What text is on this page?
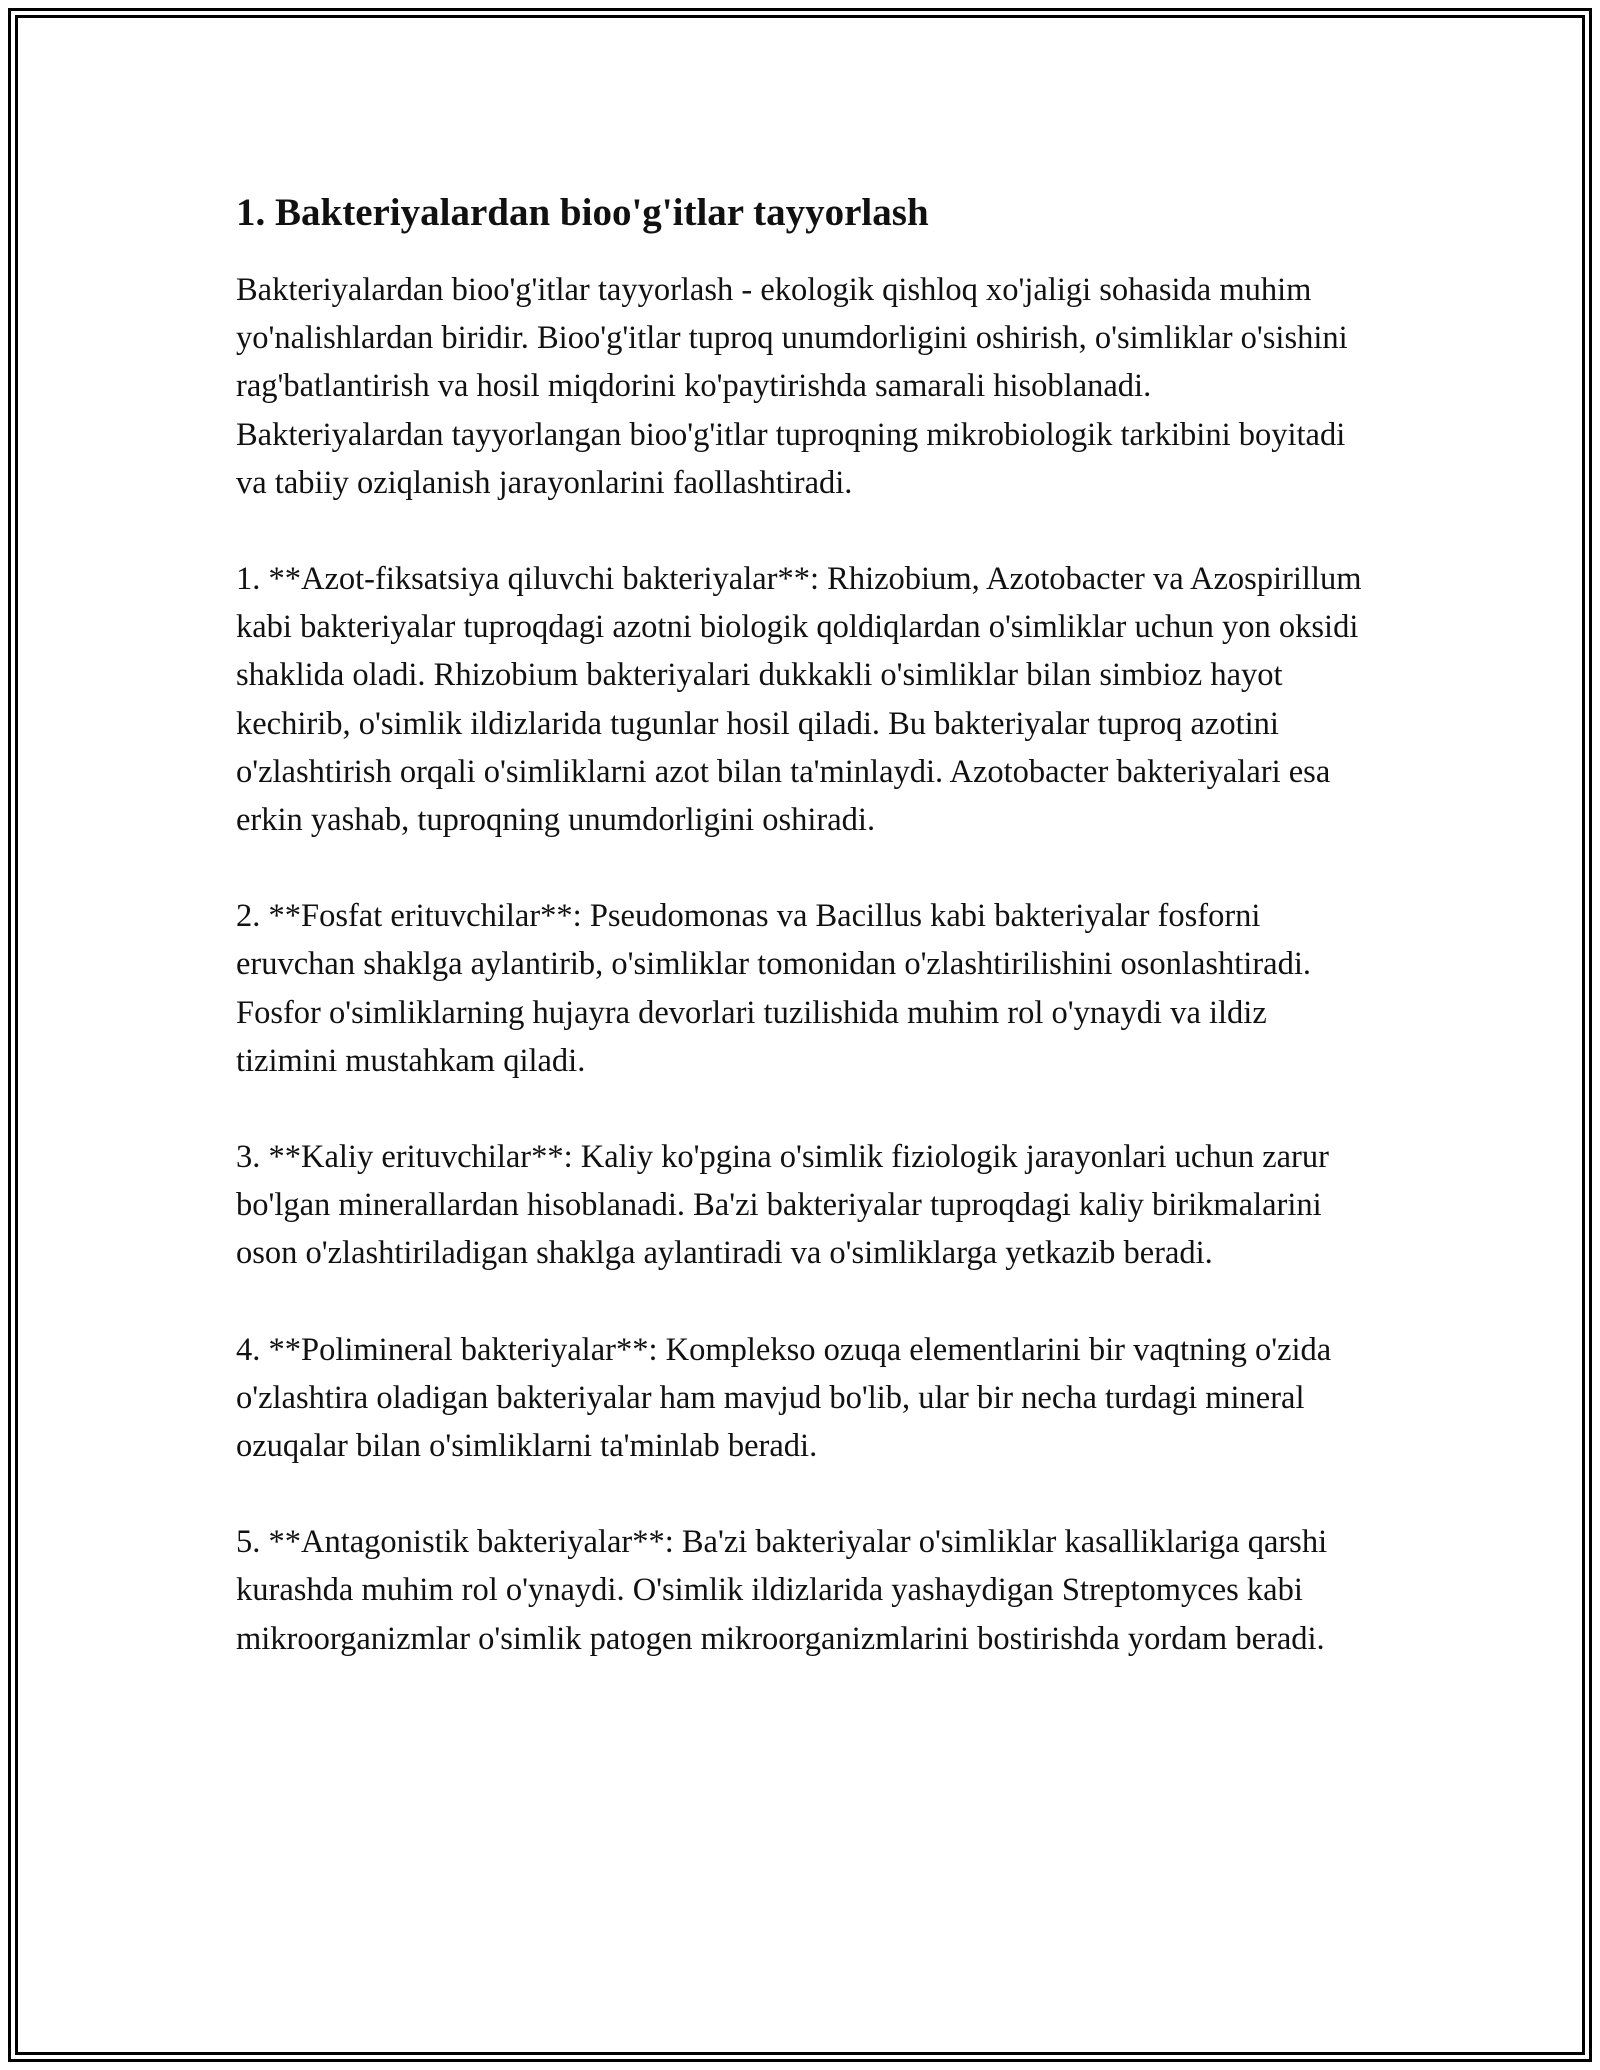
1. Bakteriyalardan bioo'g'itlar tayyorlash

Bakteriyalardan bioo'g'itlar tayyorlash - ekologik qishloq xo'jaligi sohasida muhim yo'nalishlardan biridir. Bioo'g'itlar tuproq unumdorligini oshirish, o'simliklar o'sishini rag'batlantirish va hosil miqdorini ko'paytirishda samarali hisoblanadi. Bakteriyalardan tayyorlangan bioo'g'itlar tuproqning mikrobiologik tarkibini boyitadi va tabiiy oziqlanish jarayonlarini faollashtiradi.

1. **Azot-fiksatsiya qiluvchi bakteriyalar**: Rhizobium, Azotobacter va Azospirillum kabi bakteriyalar tuproqdagi azotni biologik qoldiqlardan o'simliklar uchun yon oksidi shaklida oladi. Rhizobium bakteriyalari dukkakli o'simliklar bilan simbioz hayot kechirib, o'simlik ildizlarida tugunlar hosil qiladi. Bu bakteriyalar tuproq azotini o'zlashtirish orqali o'simliklarni azot bilan ta'minlaydi. Azotobacter bakteriyalari esa erkin yashab, tuproqning unumdorligini oshiradi.

2. **Fosfat erituvchilar**: Pseudomonas va Bacillus kabi bakteriyalar fosforni eruvchan shaklga aylantirib, o'simliklar tomonidan o'zlashtirilishini osonlashtiradi. Fosfor o'simliklarning hujayra devorlari tuzilishida muhim rol o'ynaydi va ildiz tizimini mustahkam qiladi.

3. **Kaliy erituvchilar**: Kaliy ko'pgina o'simlik fiziologik jarayonlari uchun zarur bo'lgan minerallardan hisoblanadi. Ba'zi bakteriyalar tuproqdagi kaliy birikmalarini oson o'zlashtiriladigan shaklga aylantiradi va o'simliklarga yetkazib beradi.

4. **Polimineral bakteriyalar**: Komplekso ozuqa elementlarini bir vaqtning o'zida o'zlashtira oladigan bakteriyalar ham mavjud bo'lib, ular bir necha turdagi mineral ozuqalar bilan o'simliklarni ta'minlab beradi.

5. **Antagonistik bakteriyalar**: Ba'zi bakteriyalar o'simliklar kasalliklariga qarshi kurashda muhim rol o'ynaydi. O'simlik ildizlarida yashaydigan Streptomyces kabi mikroorganizmlar o'simlik patogen mikroorganizmlarini bostirishda yordam beradi.
